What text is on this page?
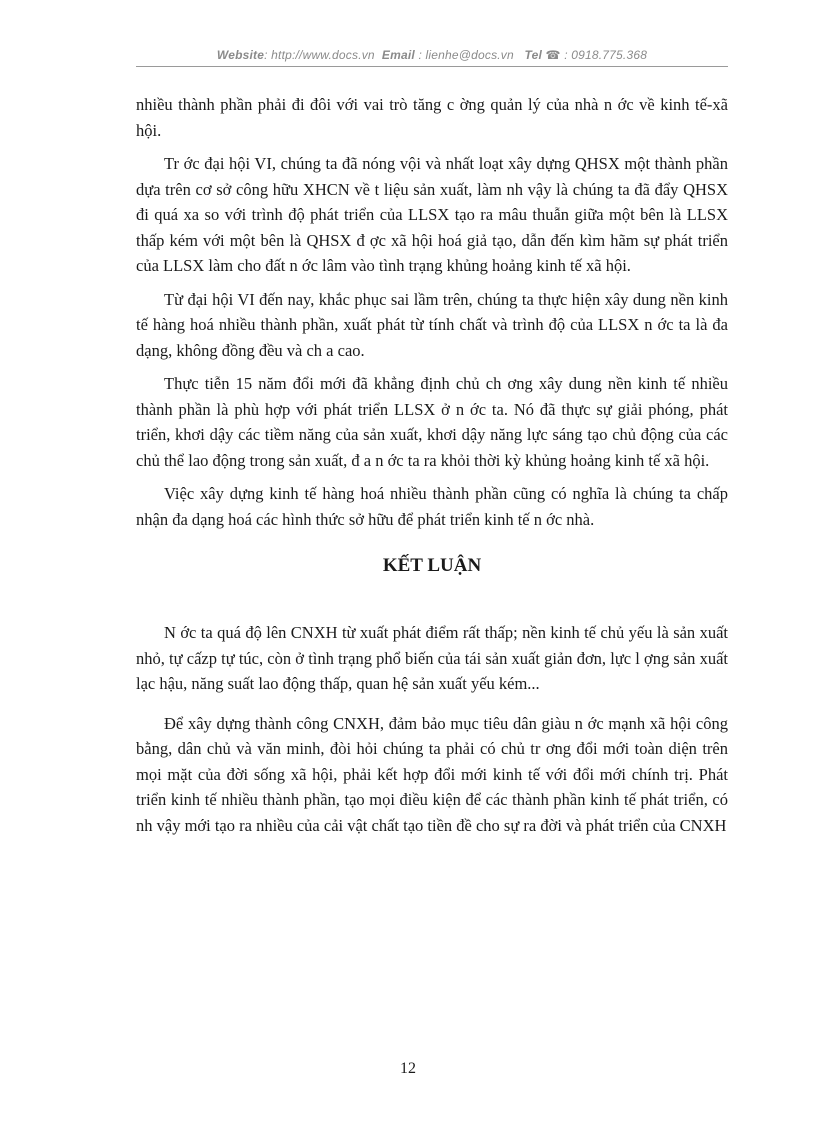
Website: http://www.docs.vn Email : lienhe@docs.vn Tel ☎ : 0918.775.368

nhiều thành phần phải đi đôi với vai trò tăng c ờng quản lý của nhà n ớc về kinh tế-xã hội.

Tr ớc đại hội VI, chúng ta đã nóng vội và nhất loạt xây dựng QHSX một thành phần dựa trên cơ sở công hữu XHCN về t liệu sản xuất, làm nh vậy là chúng ta đã đẩy QHSX đi quá xa so với trình độ phát triển của LLSX tạo ra mâu thuẫn giữa một bên là LLSX thấp kém với một bên là QHSX đ ợc xã hội hoá giả tạo, dẫn đến kìm hãm sự phát triển của LLSX làm cho đất n ớc lâm vào tình trạng khủng hoảng kinh tế xã hội.

Từ đại hội VI đến nay, khắc phục sai lầm trên, chúng ta thực hiện xây dung nền kinh tế hàng hoá nhiều thành phần, xuất phát từ tính chất và trình độ của LLSX n ớc ta là đa dạng, không đồng đều và ch a cao.

Thực tiễn 15 năm đổi mới đã khẳng định chủ ch ơng xây dung nền kinh tế nhiều thành phần là phù hợp với phát triển LLSX ở n ớc ta. Nó đã thực sự giải phóng, phát triển, khơi dậy các tiềm năng của sản xuất, khơi dậy năng lực sáng tạo chủ động của các chủ thể lao động trong sản xuất, đ a n ớc ta ra khỏi thời kỳ khủng hoảng kinh tế xã hội.

Việc xây dựng kinh tế hàng hoá nhiều thành phần cũng có nghĩa là chúng ta chấp nhận đa dạng hoá các hình thức sở hữu để phát triển kinh tế n ớc nhà.

KẾT LUẬN

N ớc ta quá độ lên CNXH từ xuất phát điểm rất thấp; nền kinh tế chủ yếu là sản xuất nhỏ, tự cấzp tự túc, còn ở tình trạng phổ biến của tái sản xuất giản đơn, lực l ợng sản xuất lạc hậu, năng suất lao động thấp, quan hệ sản xuất yếu kém...

Để xây dựng thành công CNXH, đảm bảo mục tiêu dân giàu n ớc mạnh xã hội công bằng, dân chủ và văn minh, đòi hỏi chúng ta phải có chủ tr ơng đổi mới toàn diện trên mọi mặt của đời sống xã hội, phải kết hợp đổi mới kinh tế với đổi mới chính trị. Phát triển kinh tế nhiều thành phần, tạo mọi điều kiện để các thành phần kinh tế phát triển, có nh vậy mới tạo ra nhiều của cải vật chất tạo tiền đề cho sự ra đời và phát triển của CNXH

12
